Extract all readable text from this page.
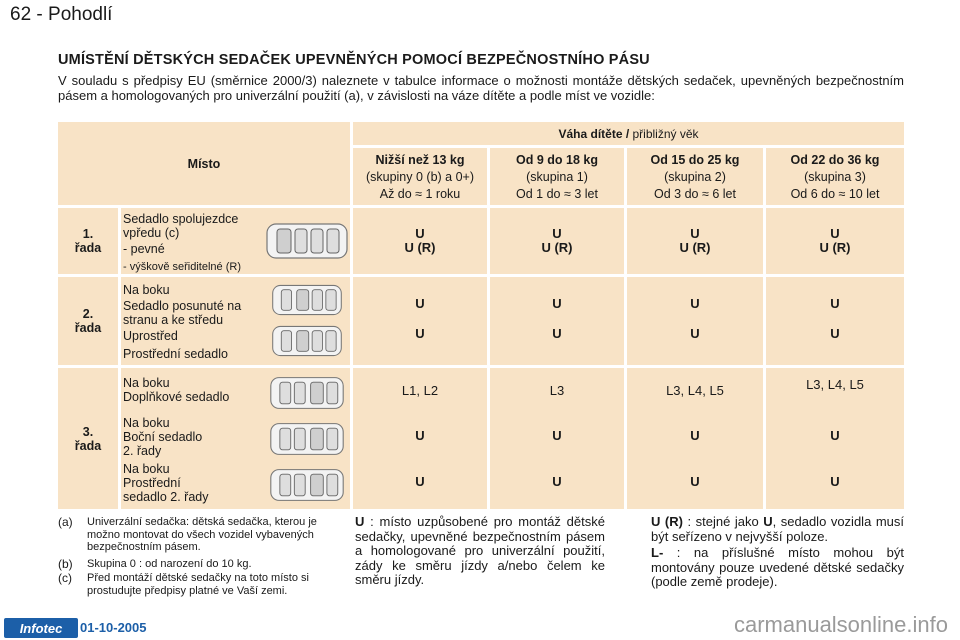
62 - Pohodlí
UMÍSTĚNÍ DĚTSKÝCH SEDAČEK UPEVNĚNÝCH POMOCÍ BEZPEČNOSTNÍHO PÁSU
V souladu s předpisy EU (směrnice 2000/3) naleznete v tabulce informace o možnosti montáže dětských sedaček, upevněných bezpečnostním pásem a homologovaných pro univerzální použití (a), v závislosti na váze dítěte a podle míst ve vozidle:
Místo
Váha dítěte / přibližný věk
Nižší než 13 kg
(skupiny 0 (b) a 0+)
Až do ≈ 1 roku
Od 9 do 18 kg
(skupina 1)
Od 1 do ≈ 3 let
Od 15 do 25 kg
(skupina 2)
Od 3 do ≈ 6 let
Od 22 do 36 kg
(skupina 3)
Od 6 do ≈ 10 let
1.
řada
Sedadlo spolujezdce vpředu (c)
- pevné
- výškově seřiditelné (R)
U
U (R)
U
U (R)
U
U (R)
U
U (R)
2.
řada
Na boku
Sedadlo posunuté na stranu a ke středu
Uprostřed
Prostřední sedadlo
U
U
U
U
U
U
U
U
3.
řada
Na boku
Doplňkové sedadlo
Na boku
Boční sedadlo
2. řady
Na boku
Prostřední
sedadlo 2. řady
L1, L2
U
U
L3
U
U
L3, L4, L5
U
U
L3, L4, L5
U
U
(a) Univerzální sedačka: dětská sedačka, kterou je možno montovat do všech vozidel vybavených bezpečnostním pásem.
(b) Skupina 0 : od narození do 10 kg.
(c) Před montáží dětské sedačky na toto místo si prostudujte předpisy platné ve Vaší zemi.
U : místo uzpůsobené pro montáž dětské sedačky, upevněné bezpečnostním pásem a homologované pro univerzální použití, zády ke směru jízdy a/nebo čelem ke směru jízdy.
U (R) : stejné jako U, sedadlo vozidla musí být seřízeno v nejvyšší poloze.
L- : na příslušné místo mohou být montovány pouze uvedené dětské sedačky (podle země prodeje).
Infotec	01-10-2005	carmanualsonline.info
